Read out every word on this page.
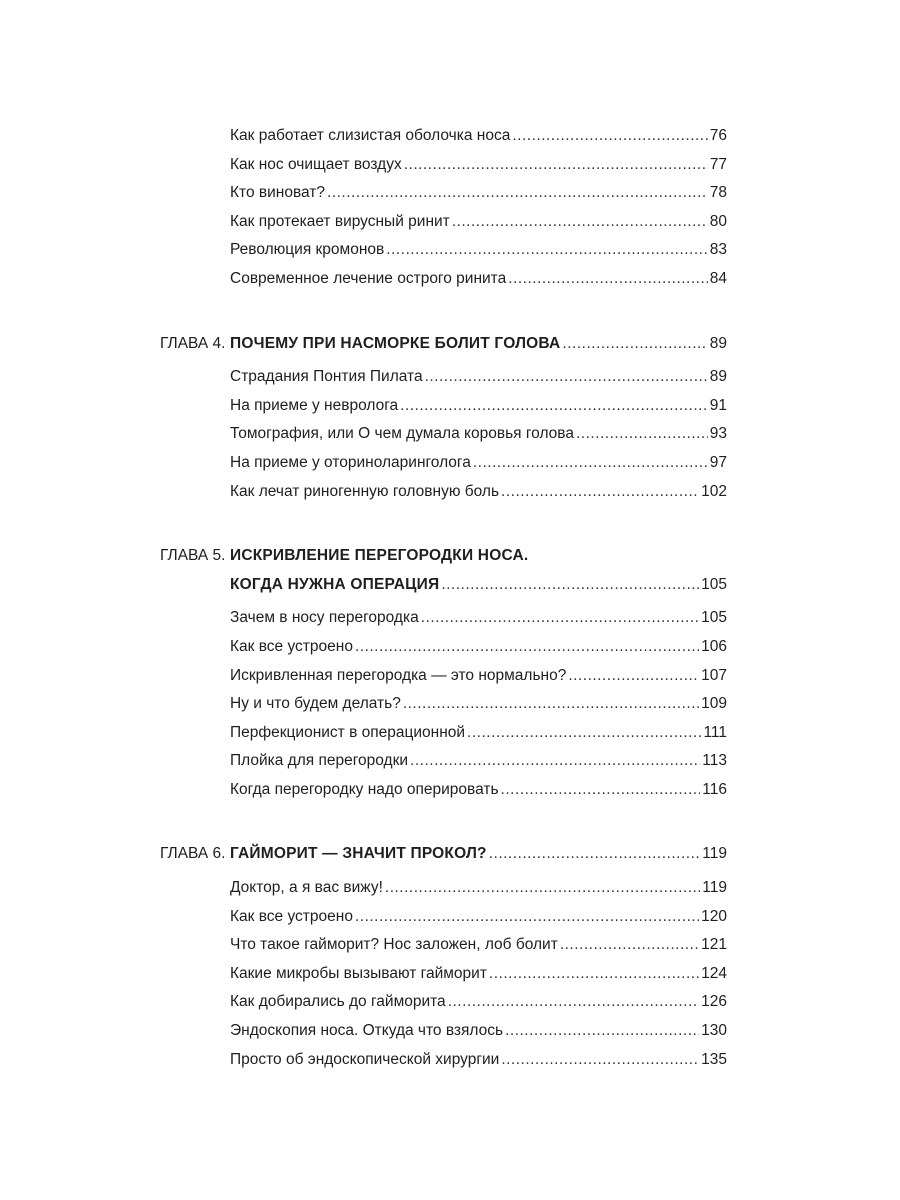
Как работает слизистая оболочка носа .....	76
Как нос очищает воздух .....	77
Кто виноват? .....	78
Как протекает вирусный ринит .....	80
Революция кромонов .....	83
Современное лечение острого ринита .....	84
ГЛАВА 4. ПОЧЕМУ ПРИ НАСМОРКЕ БОЛИТ ГОЛОВА .....	89
Страдания Понтия Пилата .....	89
На приеме у невролога .....	91
Томография, или О чем думала коровья голова .....	93
На приеме у оториноларинголога .....	97
Как лечат риногенную головную боль .....	102
ГЛАВА 5. ИСКРИВЛЕНИЕ ПЕРЕГОРОДКИ НОСА.
КОГДА НУЖНА ОПЕРАЦИЯ .....	105
Зачем в носу перегородка .....	105
Как все устроено .....	106
Искривленная перегородка — это нормально? .....	107
Ну и что будем делать? .....	109
Перфекционист в операционной .....	111
Плойка для перегородки .....	113
Когда перегородку надо оперировать .....	116
ГЛАВА 6. ГАЙМОРИТ — ЗНАЧИТ ПРОКОЛ? .....	119
Доктор, а я вас вижу! .....	119
Как все устроено .....	120
Что такое гайморит? Нос заложен, лоб болит .....	121
Какие микробы вызывают гайморит .....	124
Как добирались до гайморита .....	126
Эндоскопия носа. Откуда что взялось .....	130
Просто об эндоскопической хирургии .....	135
